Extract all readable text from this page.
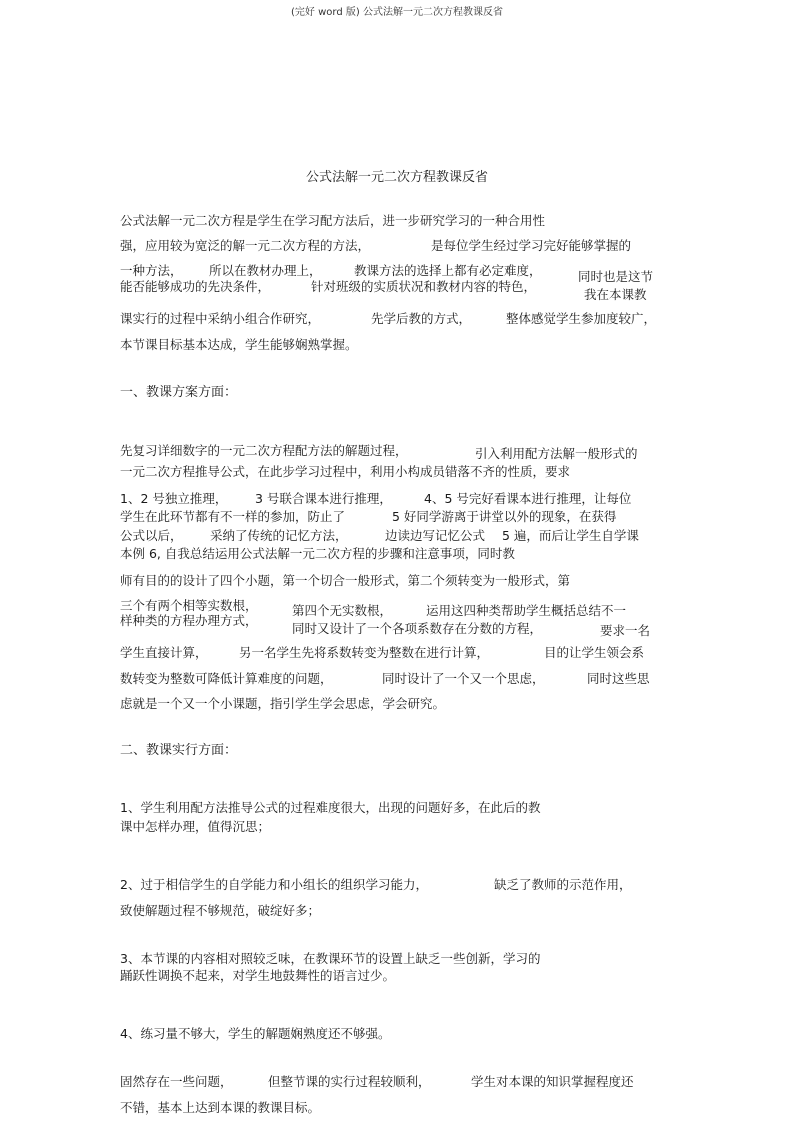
(完好 word 版) 公式法解一元二次方程教课反省
公式法解一元二次方程教课反省
公式法解一元二次方程是学生在学习配方法后，进一步研究学习的一种合用性
强，应用较为宽泛的解一元二次方程的方法，	是每位学生经过学习完好能够掌握的
一种方法， 所以在教材办理上，	教课方法的选择上都有必定难度，	同时也是这节
能否能够成功的先决条件，	针对班级的实质状况和教材内容的特色，
我在本课教
课实行的过程中采纳小组合作研究，	先学后教的方式，	整体感觉学生参加度较广，
本节课目标基本达成，学生能够娴熟掌握。
一、教课方案方面：
先复习详细数字的一元二次方程配方法的解题过程，	引入利用配方法解一般形式的
一元二次方程推导公式，在此步学习过程中，利用小构成员错落不齐的性质，要求
1、2 号独立推理， 3 号联合课本进行推理，	4、5 号完好看课本进行推理，让每位
学生在此环节都有不一样的参加，防止了	5 好同学游离于讲堂以外的现象，在获得
公式以后， 采纳了传统的记忆方法，	边读边写记忆公式 5 遍，而后让学生自学课
本例 6, 自我总结运用公式法解一元二次方程的步骤和注意事项，同时教
师有目的的设计了四个小题，第一个切合一般形式，第二个须转变为一般形式，第
三个有两个相等实数根，	第四个无实数根，	运用这四种类帮助学生概括总结不一
样种类的方程办理方式，
同时又设计了一个各项系数存在分数的方程，	要求一名
学生直接计算，	另一名学生先将系数转变为整数在进行计算，	目的让学生领会系
数转变为整数可降低计算难度的问题，	同时设计了一个又一个思虑，	同时这些思
虑就是一个又一个小课题，指引学生学会思虑，学会研究。
二、教课实行方面：
1、学生利用配方法推导公式的过程难度很大，出现的问题好多，在此后的教
课中怎样办理，值得沉思；
2、过于相信学生的自学能力和小组长的组织学习能力，	缺乏了教师的示范作用，
致使解题过程不够规范，破绽好多；
3、本节课的内容相对照较乏味，在教课环节的设置上缺乏一些创新，学习的
踊跃性调换不起来，对学生地鼓舞性的语言过少。
4、练习量不够大，学生的解题娴熟度还不够强。
固然存在一些问题，	但整节课的实行过程较顺利，	学生对本课的知识掌握程度还
不错，基本上达到本课的教课目标。
